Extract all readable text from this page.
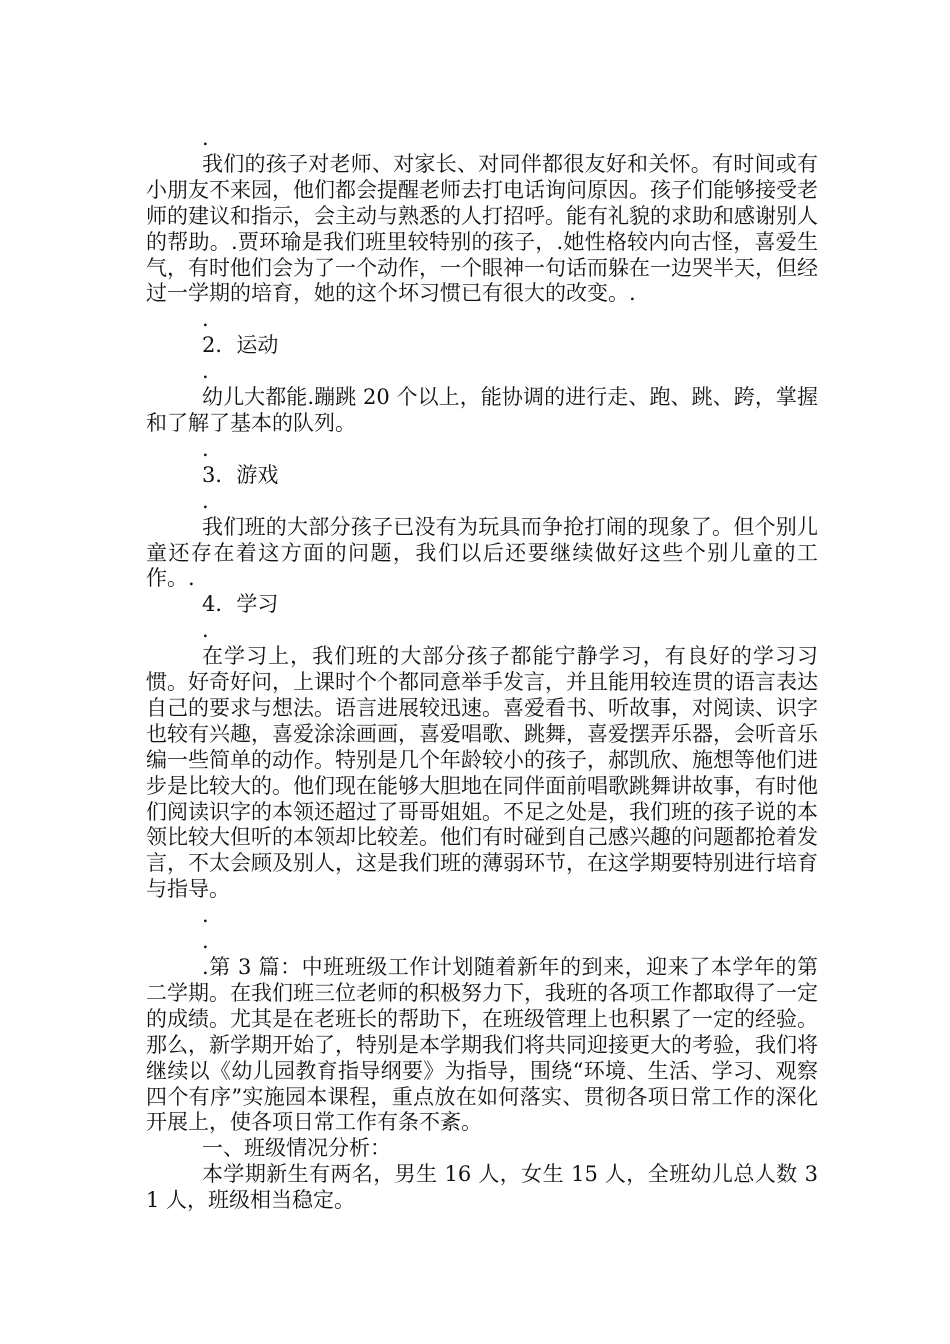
.

我们的孩子对老师、对家长、对同伴都很友好和关怀。有时间或有小朋友不来园，他们都会提醒老师去打电话询问原因。孩子们能够接受老师的建议和指示，会主动与熟悉的人打招呼。能有礼貌的求助和感谢别人的帮助。.贾环瑜是我们班里较特别的孩子，.她性格较内向古怪，喜爱生气，有时他们会为了一个动作，一个眼神一句话而躲在一边哭半天，但经过一学期的培育，她的这个坏习惯已有很大的改变。.

.

2．运动

.

幼儿大都能.蹦跳 20 个以上，能协调的进行走、跑、跳、跨，掌握和了解了基本的队列。

.

3．游戏

.

我们班的大部分孩子已没有为玩具而争抢打闹的现象了。但个别儿童还存在着这方面的问题，我们以后还要继续做好这些个别儿童的工作。.

4．学习

.

在学习上，我们班的大部分孩子都能宁静学习，有良好的学习习惯。好奇好问，上课时个个都同意举手发言，并且能用较连贯的语言表达自己的要求与想法。语言进展较迅速。喜爱看书、听故事，对阅读、识字也较有兴趣，喜爱涂涂画画，喜爱唱歌、跳舞，喜爱摆弄乐器，会听音乐编一些简单的动作。特别是几个年龄较小的孩子，郝凯欣、施想等他们进步是比较大的。他们现在能够大胆地在同伴面前唱歌跳舞讲故事，有时他们阅读识字的本领还超过了哥哥姐姐。不足之处是，我们班的孩子说的本领比较大但听的本领却比较差。他们有时碰到自己感兴趣的问题都抢着发言，不太会顾及别人，这是我们班的薄弱环节，在这学期要特别进行培育与指导。

.

.

.第 3 篇：中班班级工作计划随着新年的到来，迎来了本学年的第二学期。在我们班三位老师的积极努力下，我班的各项工作都取得了一定的成绩。尤其是在老班长的帮助下，在班级管理上也积累了一定的经验。那么，新学期开始了，特别是本学期我们将共同迎接更大的考验，我们将继续以《幼儿园教育指导纲要》为指导，围绕“环境、生活、学习、观察四个有序”实施园本课程，重点放在如何落实、贯彻各项日常工作的深化开展上，使各项日常工作有条不紊。

一、班级情况分析：

本学期新生有两名，男生 16 人，女生 15 人，全班幼儿总人数 31 人，班级相当稳定。
